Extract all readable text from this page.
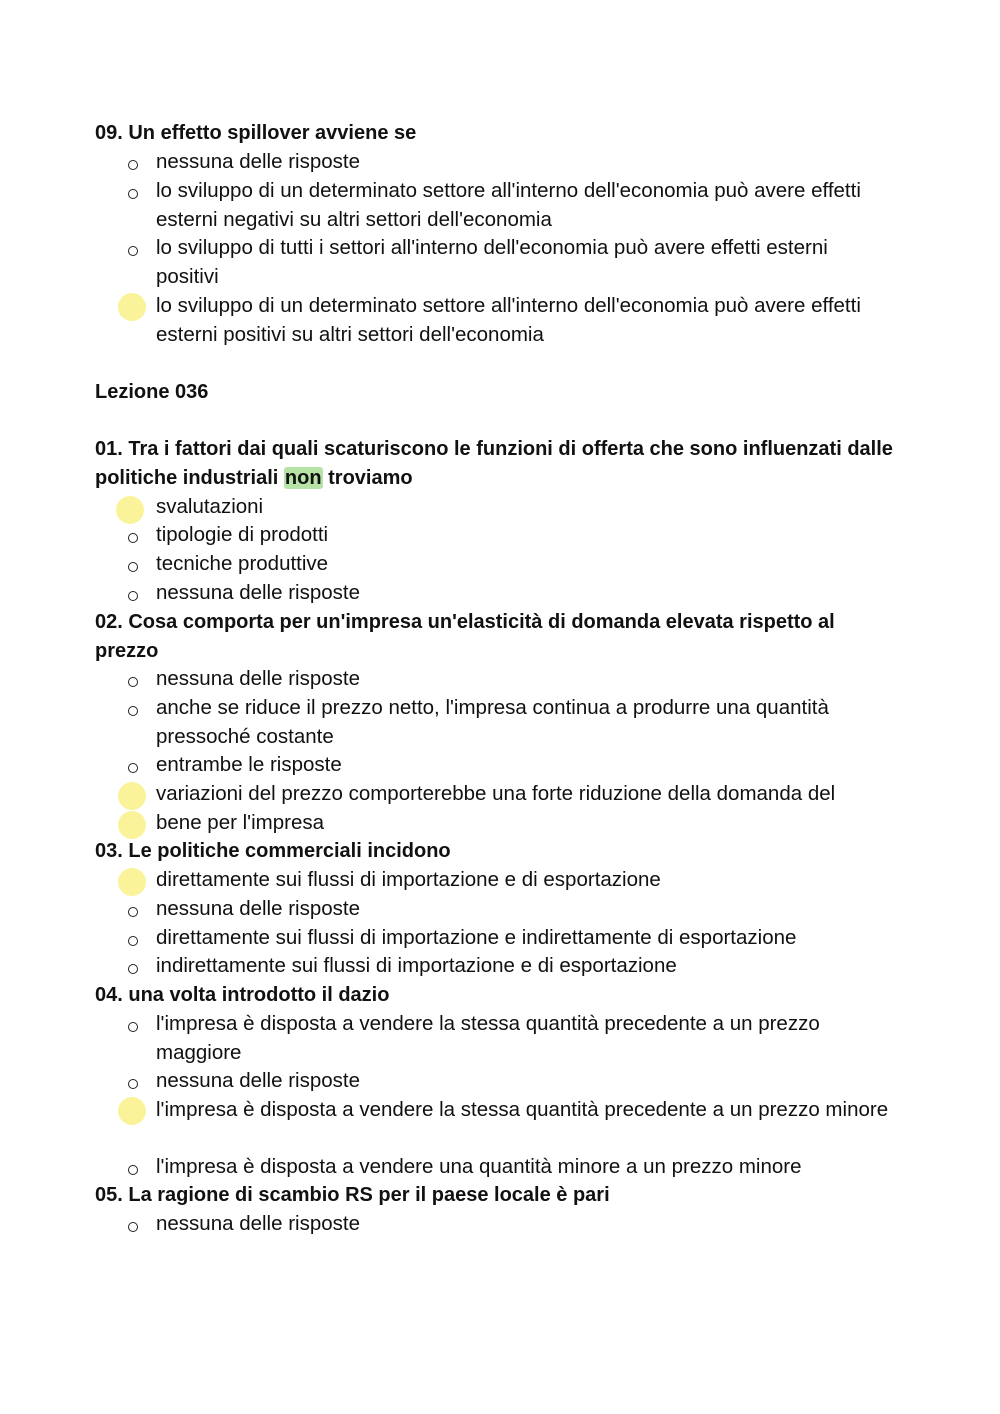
09. Un effetto spillover avviene se

nessuna delle risposte
lo sviluppo di un determinato settore all'interno dell'economia può avere effetti esterni negativi su altri settori dell'economia
lo sviluppo di tutti i settori all'interno dell'economia può avere effetti esterni positivi
lo sviluppo di un determinato settore all'interno dell'economia può avere effetti esterni positivi su altri settori dell'economia

Lezione 036

01. Tra i fattori dai quali scaturiscono le funzioni di offerta che sono influenzati dalle politiche industriali non troviamo

svalutazioni
tipologie di prodotti
tecniche produttive
nessuna delle risposte

02. Cosa comporta per un'impresa un'elasticità di domanda elevata rispetto al prezzo

nessuna delle risposte
anche se riduce il prezzo netto, l'impresa continua a produrre una quantità pressoché costante
entrambe le risposte
variazioni del prezzo comporterebbe una forte riduzione della domanda del
bene per l'impresa

03. Le politiche commerciali incidono

direttamente sui flussi di importazione e di esportazione
nessuna delle risposte
direttamente sui flussi di importazione e indirettamente di esportazione
indirettamente sui flussi di importazione e di esportazione

04. una volta introdotto il dazio

l'impresa è disposta a vendere la stessa quantità precedente a un prezzo maggiore
nessuna delle risposte
l'impresa è disposta a vendere la stessa quantità precedente a un prezzo minore
l'impresa è disposta a vendere una quantità minore a un prezzo minore

05. La ragione di scambio RS per il paese locale è pari

nessuna delle risposte
